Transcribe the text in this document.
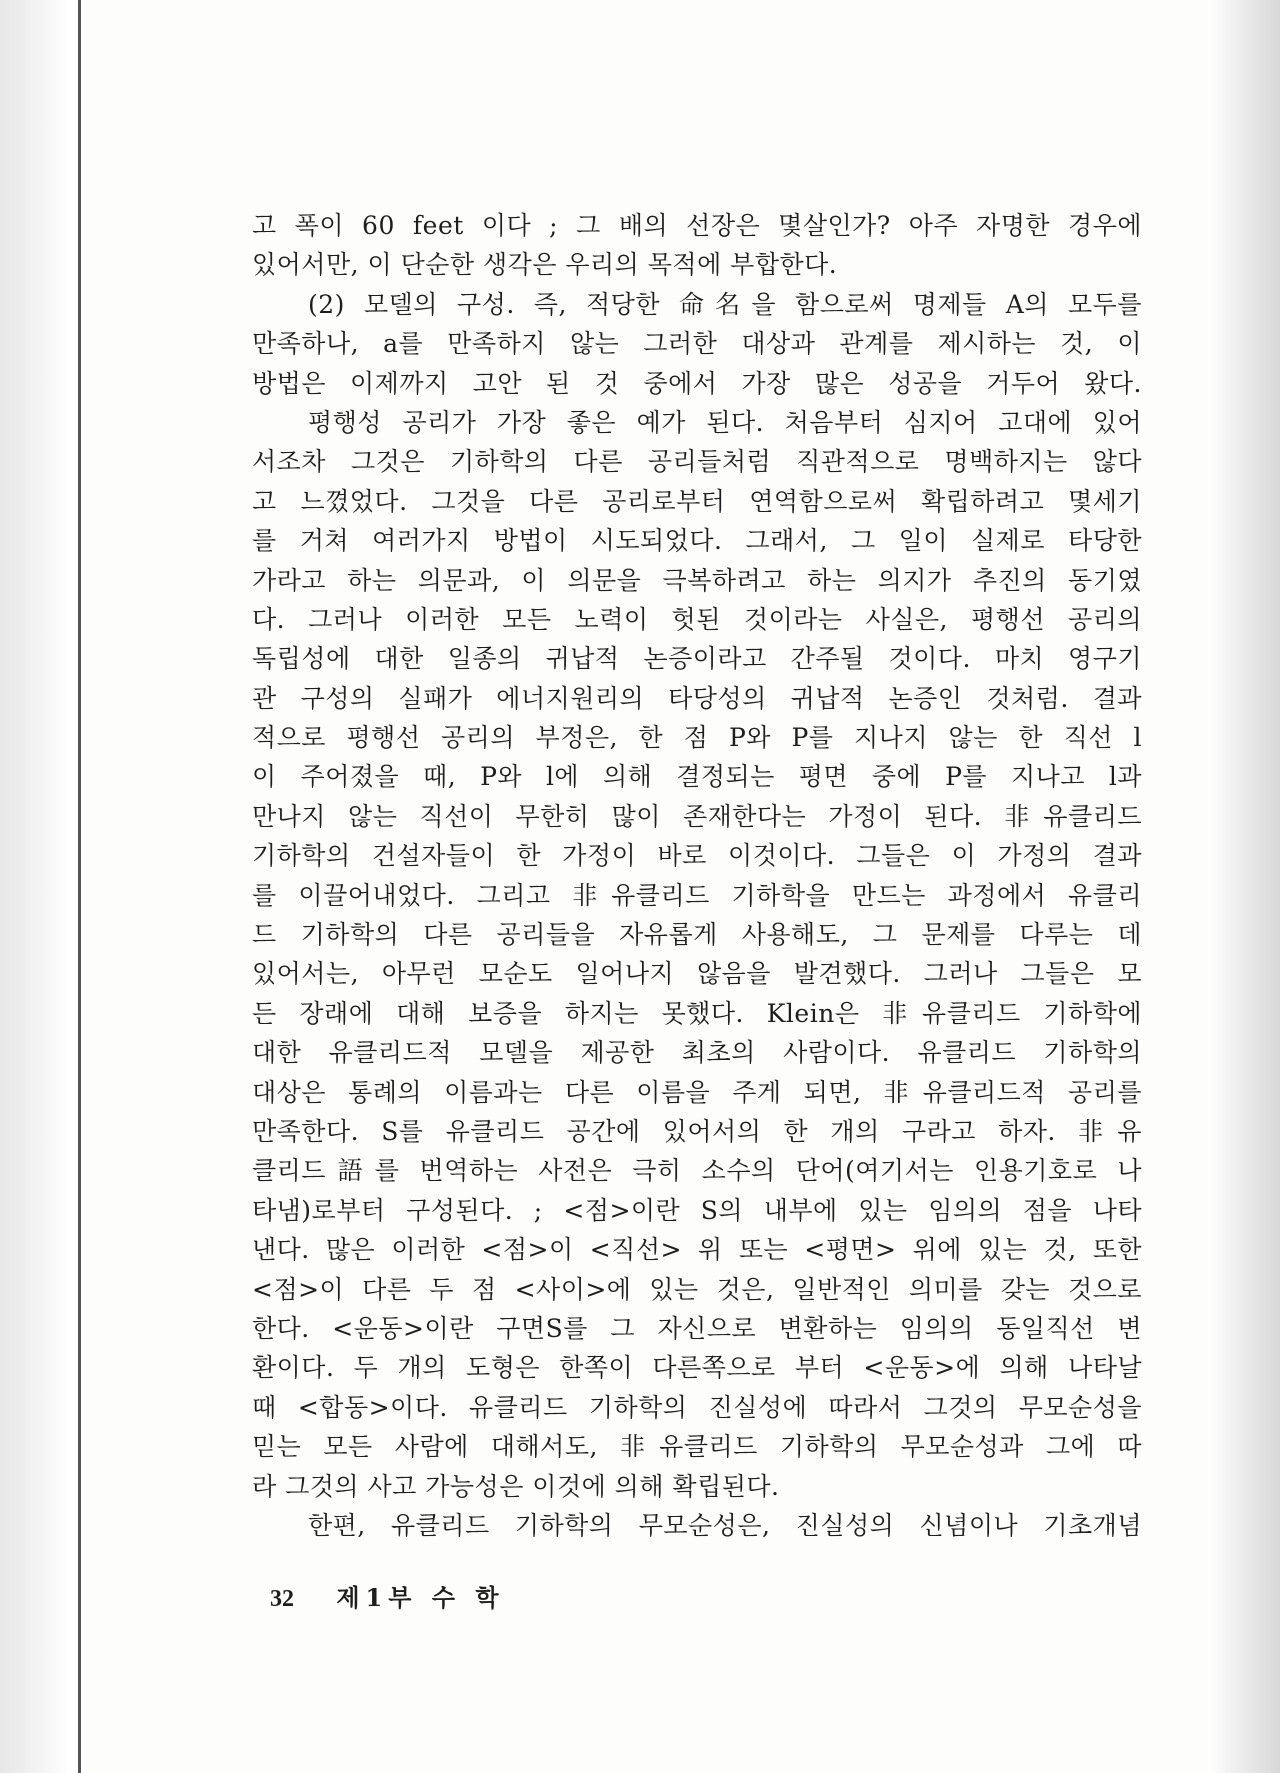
고 폭이 60 feet 이다 ; 그 배의 선장은 몇살인가? 아주 자명한 경우에
있어서만, 이 단순한 생각은 우리의 목적에 부합한다.
(2) 모델의 구성. 즉, 적당한 命名을 함으로써 명제들 A의 모두를
만족하나, a를 만족하지 않는 그러한 대상과 관계를 제시하는 것, 이
방법은 이제까지 고안 된 것 중에서 가장 많은 성공을 거두어 왔다.
평행성 공리가 가장 좋은 예가 된다. 처음부터 심지어 고대에 있어
서조차 그것은 기하학의 다른 공리들처럼 직관적으로 명백하지는 않다
고 느꼈었다. 그것을 다른 공리로부터 연역함으로써 확립하려고 몇세기
를 거쳐 여러가지 방법이 시도되었다. 그래서, 그 일이 실제로 타당한
가라고 하는 의문과, 이 의문을 극복하려고 하는 의지가 추진의 동기였
다. 그러나 이러한 모든 노력이 헛된 것이라는 사실은, 평행선 공리의
독립성에 대한 일종의 귀납적 논증이라고 간주될 것이다. 마치 영구기
관 구성의 실패가 에너지원리의 타당성의 귀납적 논증인 것처럼. 결과
적으로 평행선 공리의 부정은, 한 점 P와 P를 지나지 않는 한 직선 l
이 주어졌을 때, P와 l에 의해 결정되는 평면 중에 P를 지나고 l과
만나지 않는 직선이 무한히 많이 존재한다는 가정이 된다. 非유클리드
기하학의 건설자들이 한 가정이 바로 이것이다. 그들은 이 가정의 결과
를 이끌어내었다. 그리고 非유클리드 기하학을 만드는 과정에서 유클리
드 기하학의 다른 공리들을 자유롭게 사용해도, 그 문제를 다루는 데
있어서는, 아무런 모순도 일어나지 않음을 발견했다. 그러나 그들은 모
든 장래에 대해 보증을 하지는 못했다. Klein은 非유클리드 기하학에
대한 유클리드적 모델을 제공한 최초의 사람이다. 유클리드 기하학의
대상은 통례의 이름과는 다른 이름을 주게 되면, 非유클리드적 공리를
만족한다. S를 유클리드 공간에 있어서의 한 개의 구라고 하자. 非유
클리드語를 번역하는 사전은 극히 소수의 단어(여기서는 인용기호로 나
타냄)로부터 구성된다. ; <점>이란 S의 내부에 있는 임의의 점을 나타
낸다. 많은 이러한 <점>이 <직선> 위 또는 <평면> 위에 있는 것, 또한
<점>이 다른 두 점 <사이>에 있는 것은, 일반적인 의미를 갖는 것으로
한다. <운동>이란 구면S를 그 자신으로 변환하는 임의의 동일직선 변
환이다. 두 개의 도형은 한쪽이 다른쪽으로 부터 <운동>에 의해 나타날
때 <합동>이다. 유클리드 기하학의 진실성에 따라서 그것의 무모순성을
믿는 모든 사람에 대해서도, 非유클리드 기하학의 무모순성과 그에 따
라 그것의 사고 가능성은 이것에 의해 확립된다.
한편, 유클리드 기하학의 무모순성은, 진실성의 신념이나 기초개념
32 제1부 수 학
